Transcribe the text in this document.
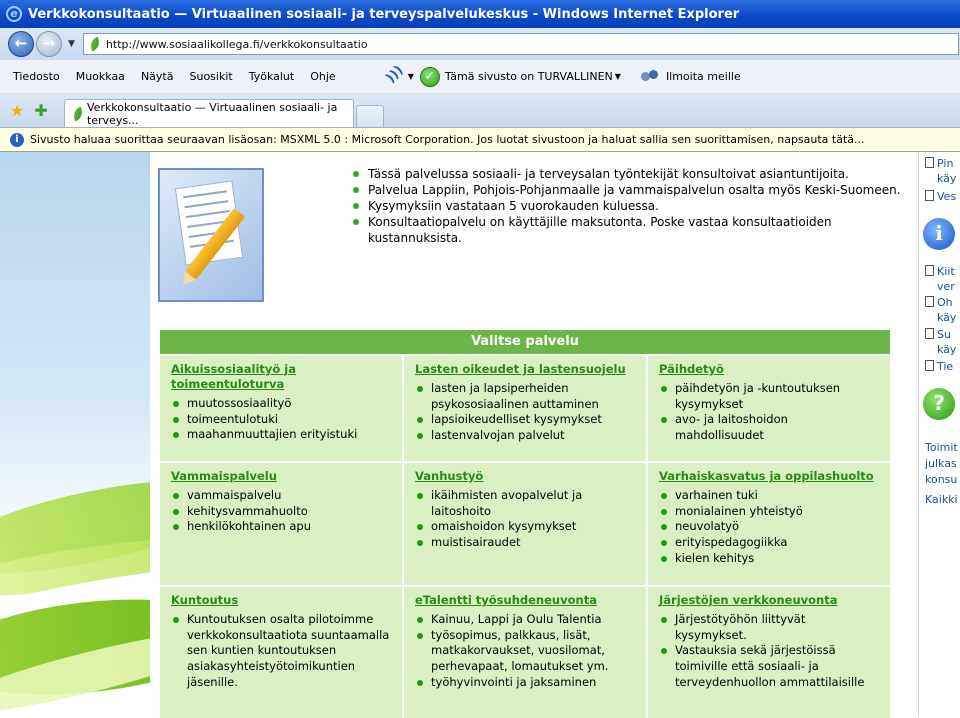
e Verkkokonsultaatio — Virtuaalinen sosiaali- ja terveyspalvelukeskus - Windows Internet Explorer
←	→	▼	http://www.sosiaalikollega.fi/verkkokonsultaatio
Tiedosto Muokkaa Näytä Suosikit Työkalut Ohje
)))	▼ ✓ Tämä sivusto on TURVALLINEN ▼	Ilmoita meille
★ ✚	Verkkokonsultaatio — Virtuaalinen sosiaali- ja terveys...
i	Sivusto haluaa suorittaa seuraavan lisäosan: MSXML 5.0 : Microsoft Corporation. Jos luotat sivustoon ja haluat sallia sen suorittamisen, napsauta tätä...
Tässä palvelussa sosiaali- ja terveysalan työntekijät konsultoivat asiantuntijoita.
Palvelua Lappiin, Pohjois-Pohjanmaalle ja vammaispalvelun osalta myös Keski-Suomeen.
Kysymyksiin vastataan 5 vuorokauden kuluessa.
Konsultaatiopalvelu on käyttäjille maksutonta. Poske vastaa konsultaatioiden kustannuksista.
Valitse palvelu
Aikuissosiaalityö ja toimeentuloturva
muutossosiaalityö
toimeentulotuki
maahanmuuttajien erityistuki
Lasten oikeudet ja lastensuojelu
lasten ja lapsiperheiden psykososiaalinen auttaminen
lapsioikeudelliset kysymykset
lastenvalvojan palvelut
Päihdetyö
päihdetyön ja -kuntoutuksen kysymykset
avo- ja laitoshoidon mahdollisuudet
Vammaispalvelu
vammaispalvelu
kehitysvammahuolto
henkilökohtainen apu
Vanhustyö
ikäihmisten avopalvelut ja laitoshoito
omaishoidon kysymykset
muistisairaudet
Varhaiskasvatus ja oppilashuolto
varhainen tuki
monialainen yhteistyö
neuvolatyö
erityispedagogiikka
kielen kehitys
Kuntoutus
Kuntoutuksen osalta pilotoimme verkkokonsultaatiota suuntaamalla sen kuntien kuntoutuksen asiakasyhteistyötoimikuntien jäsenille.
eTalentti työsuhdeneuvonta
Kainuu, Lappi ja Oulu Talentia
työsopimus, palkkaus, lisät, matkakorvaukset, vuosilomat, perhevapaat, lomautukset ym.
työhyvinvointi ja jaksaminen
Järjestöjen verkkoneuvonta
Järjestötyöhön liittyvät kysymykset.
Vastauksia sekä järjestöissä toimiville että sosiaali- ja terveydenhuollon ammattilaisille
Pin
käy
Ves
i
Kiit
ver
Oh
käy
Su
käy
Tie
?
Toimit
julkas
konsu
Kaikki
